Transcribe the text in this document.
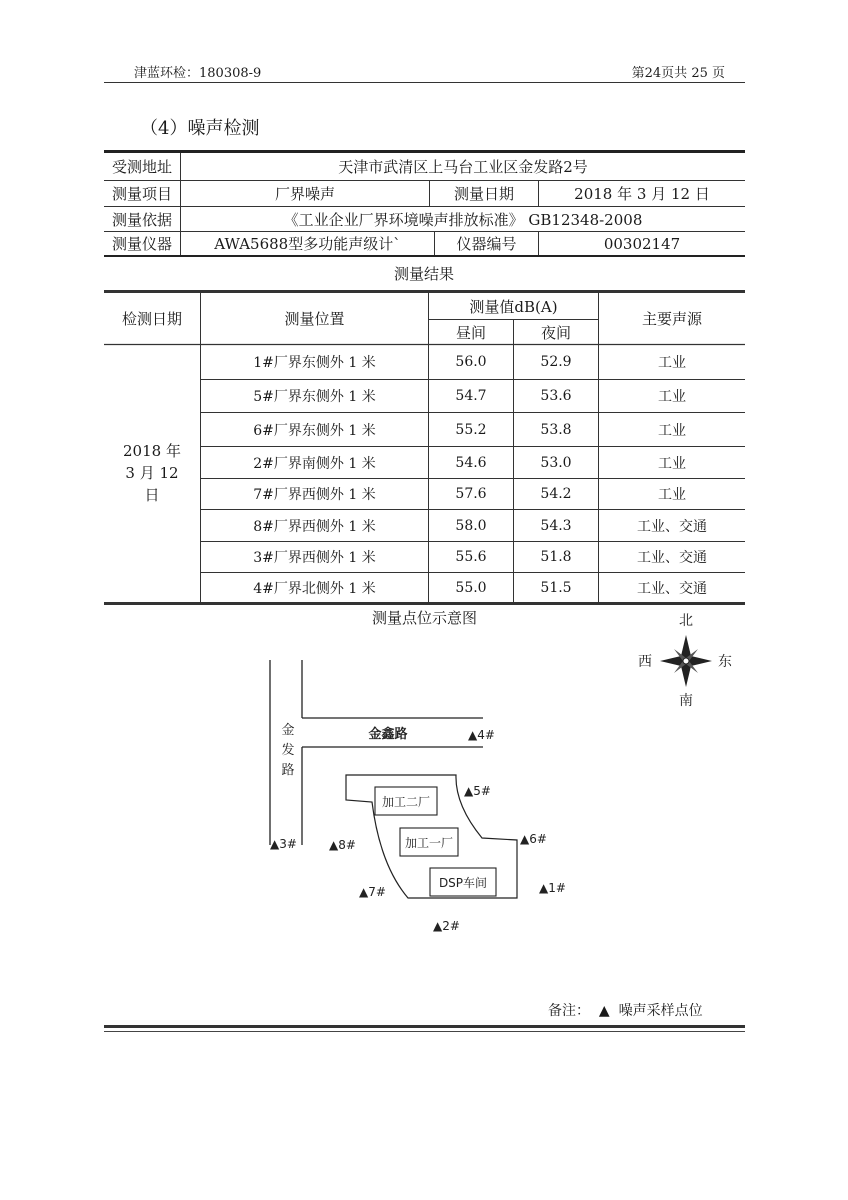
津蓝环检：180308-9	第24页共 25 页
（4）噪声检测
受测地址	天津市武清区上马台工业区金发路2号
测量项目	厂界噪声	测量日期	2018 年 3 月 12 日
测量依据	《工业企业厂界环境噪声排放标准》 GB12348-2008
测量仪器	AWA5688型多功能声级计`	仪器编号	00302147
测量结果
检测日期	测量位置
测量值dB(A)
昼间	夜间
主要声源
2018 年
3 月 12
日
1#厂界东侧外 1 米	56.0	52.9	工业
5#厂界东侧外 1 米	54.7	53.6	工业
6#厂界东侧外 1 米	55.2	53.8	工业
2#厂界南侧外 1 米	54.6	53.0	工业
7#厂界西侧外 1 米	57.6	54.2	工业
8#厂界西侧外 1 米	58.0	54.3	工业、交通
3#厂界西侧外 1 米	55.6	51.8	工业、交通
4#厂界北侧外 1 米	55.0	51.5	工业、交通
测量点位示意图	北
南
东
西
金
发
路
金鑫路
加工二厂
加工一厂
DSP车间
▲4#
▲5#
▲6#
▲1#
▲2#
▲7#
▲8#
▲3#
备注：  ▲  噪声采样点位
